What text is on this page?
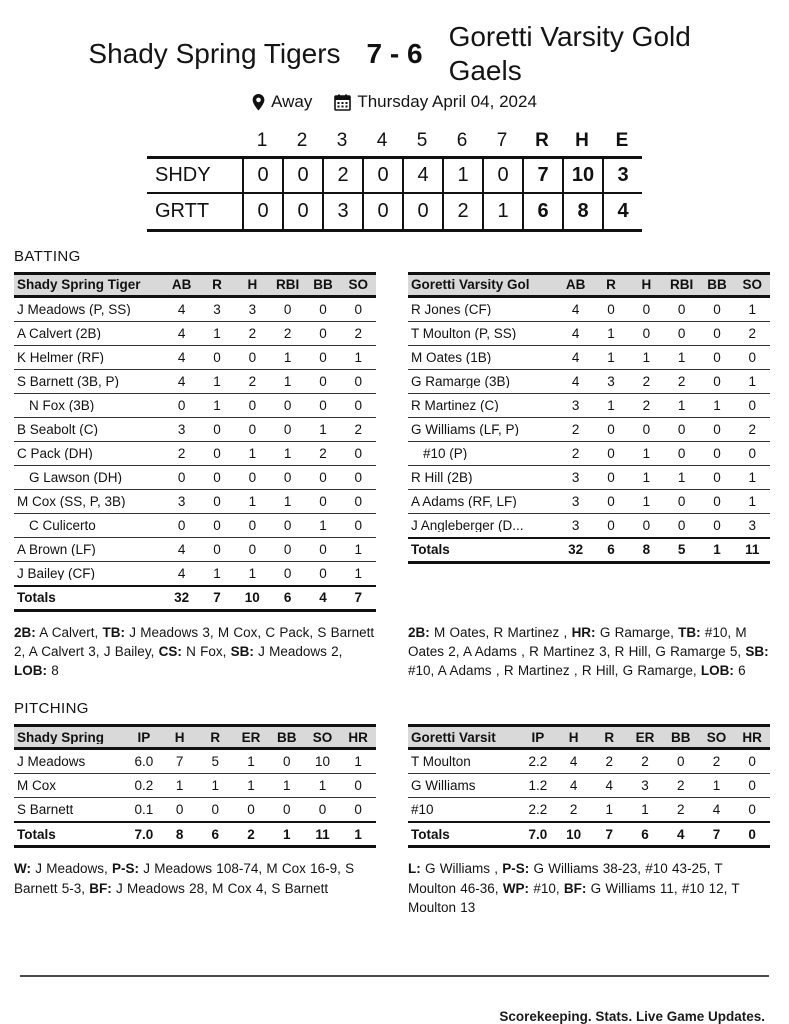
Shady Spring Tigers 7 - 6
Goretti Varsity Gold Gaels
Away	Thursday April 04, 2024
1	2	3	4	5	6	7	R	H	E
SHDY	0	0	2	0	4	1	0	7	10	3
GRTT	0	0	3	0	0	2	1	6	8	4
BATTING
Shady Spring Tiger	AB	R	H	RBI	BB	SO
J Meadows (P, SS)	4	3	3	0	0	0
A Calvert (2B)	4	1	2	2	0	2
K Helmer (RF)	4	0	0	1	0	1
S Barnett (3B, P)	4	1	2	1	0	0
N Fox (3B)	0	1	0	0	0	0
B Seabolt (C)	3	0	0	0	1	2
C Pack (DH)	2	0	1	1	2	0
G Lawson (DH)	0	0	0	0	0	0
M Cox (SS, P, 3B)	3	0	1	1	0	0
C Culicerto	0	0	0	0	1	0
A Brown (LF)	4	0	0	0	0	1
J Bailey (CF)	4	1	1	0	0	1
Totals	32	7	10	6	4	7
Goretti Varsity Gol	AB	R	H	RBI	BB	SO
R Jones (CF)	4	0	0	0	0	1
T Moulton (P, SS)	4	1	0	0	0	2
M Oates (1B)	4	1	1	1	0	0
G Ramarge (3B)	4	3	2	2	0	1
R Martinez (C)	3	1	2	1	1	0
G Williams (LF, P)	2	0	0	0	0	2
#10 (P)	2	0	1	0	0	0
R Hill (2B)	3	0	1	1	0	1
A Adams (RF, LF)	3	0	1	0	0	1
J Angleberger (D...	3	0	0	0	0	3
Totals	32	6	8	5	1	11

2B: A Calvert, TB: J Meadows 3, M Cox, C Pack, S Barnett 2, A Calvert 3, J Bailey, CS: N Fox, SB: J Meadows 2, LOB: 8

2B: M Oates, R Martinez , HR: G Ramarge, TB: #10, M Oates 2, A Adams , R Martinez 3, R Hill, G Ramarge 5, SB: #10, A Adams , R Martinez , R Hill, G Ramarge, LOB: 6

PITCHING
Shady Spring	IP	H	R	ER	BB	SO	HR
J Meadows	6.0	7	5	1	0	10	1
M Cox	0.2	1	1	1	1	1	0
S Barnett	0.1	0	0	0	0	0	0
Totals	7.0	8	6	2	1	11	1
Goretti Varsit	IP	H	R	ER	BB	SO	HR
T Moulton	2.2	4	2	2	0	2	0
G Williams	1.2	4	4	3	2	1	0
#10	2.2	2	1	1	2	4	0
Totals	7.0	10	7	6	4	7	0

W: J Meadows, P-S: J Meadows 108-74, M Cox 16-9, S Barnett 5-3, BF: J Meadows 28, M Cox 4, S Barnett

L: G Williams , P-S: G Williams 38-23, #10 43-25, T Moulton 46-36, WP: #10, BF: G Williams 11, #10 12, T Moulton 13

Scorekeeping. Stats. Live Game Updates.
